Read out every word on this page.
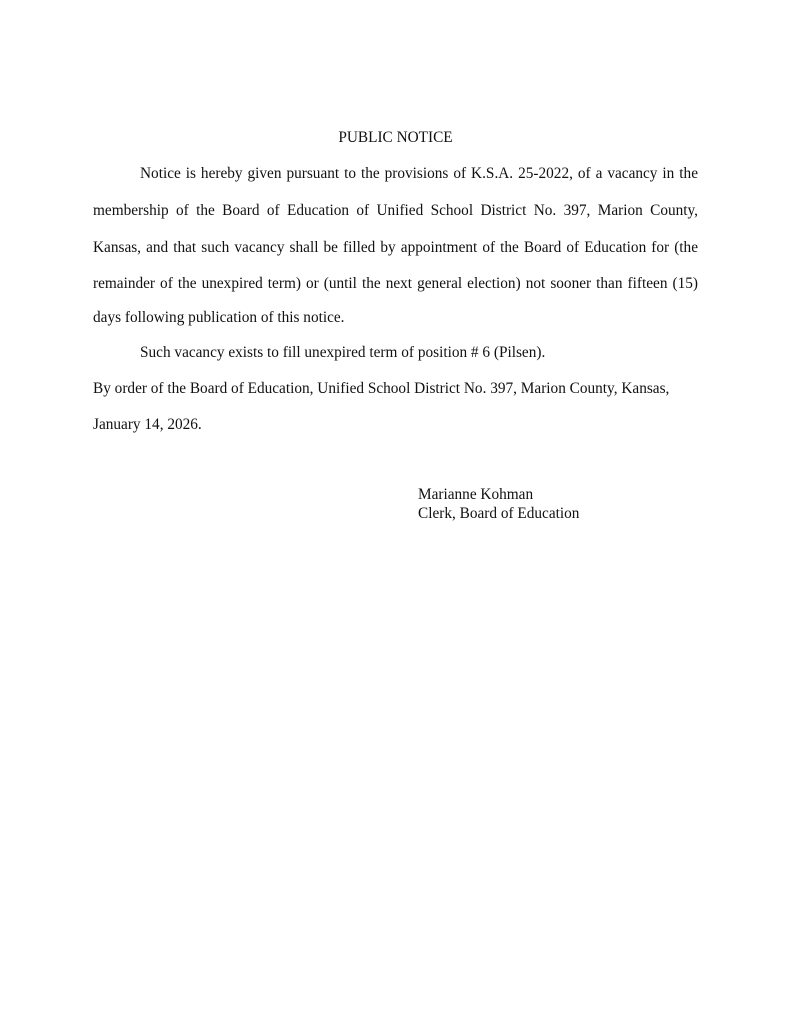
PUBLIC NOTICE
Notice is hereby given pursuant to the provisions of K.S.A. 25-2022, of a vacancy in the
membership of the Board of Education of Unified School District No. 397, Marion County,
Kansas, and that such vacancy shall be filled by appointment of the Board of Education for (the
remainder of the unexpired term) or (until the next general election) not sooner than fifteen (15)
days following publication of this notice.
Such vacancy exists to fill unexpired term of position # 6 (Pilsen).
By order of the Board of Education, Unified School District No. 397, Marion County, Kansas,
January 14, 2026.
Marianne Kohman
Clerk, Board of Education
